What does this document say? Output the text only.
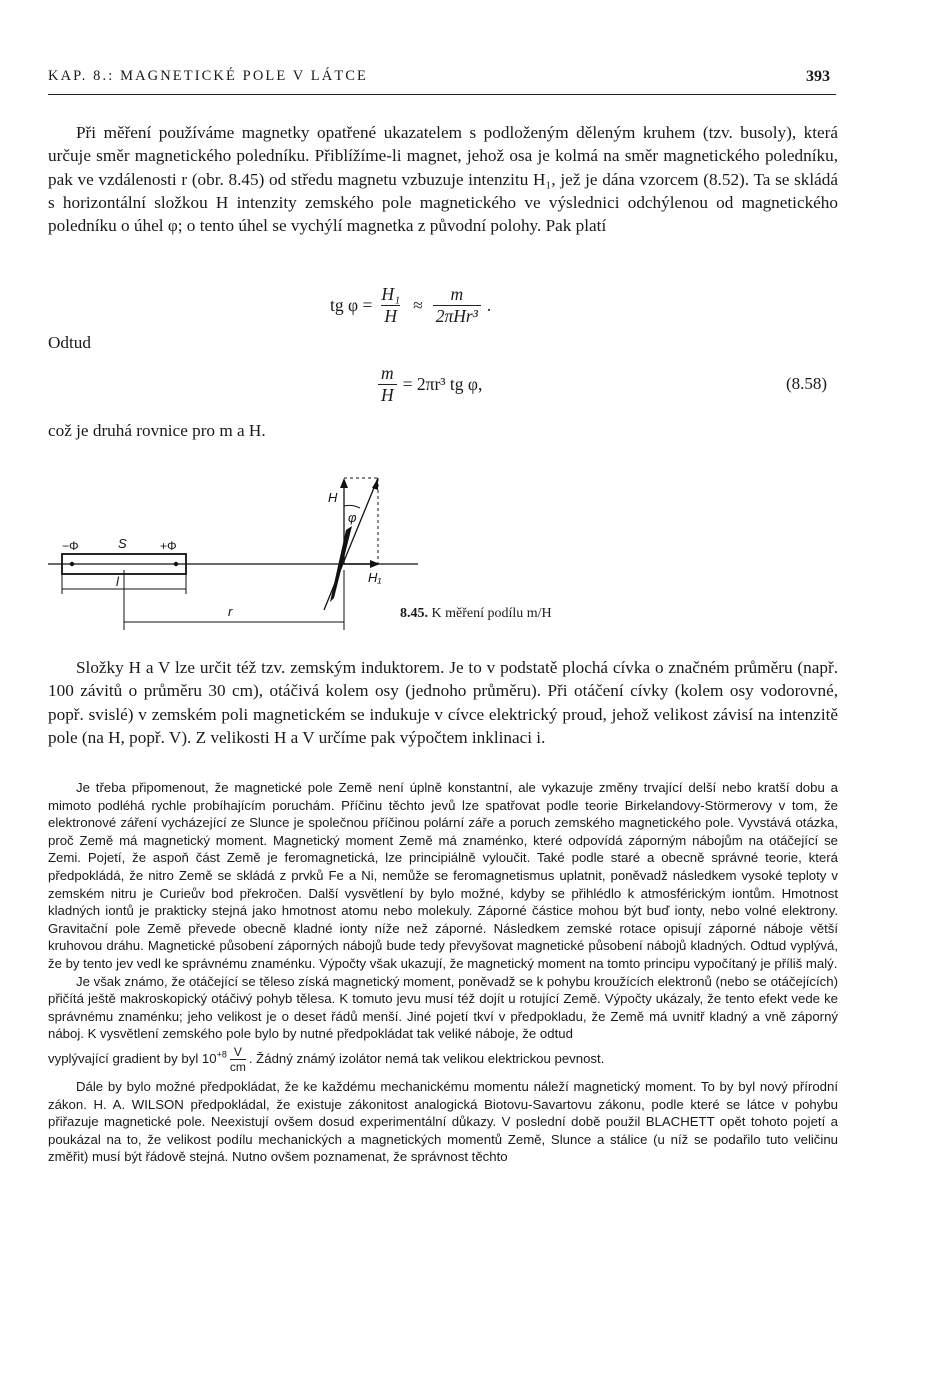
KAP. 8.: MAGNETICKÉ POLE V LÁTCE	393

Při měření používáme magnetky opatřené ukazatelem s podloženým děleným kruhem (tzv. busoly), která určuje směr magnetického poledníku. Přiblížíme-li magnet, jehož osa je kolmá na směr magnetického poledníku, pak ve vzdálenosti r (obr. 8.45) od středu magnetu vzbuzuje intenzitu H₁, jež je dána vzorcem (8.52). Ta se skládá s horizontální složkou H intenzity zemského pole magnetického ve výslednici odchýlenou od magnetického poledníku o úhel φ; o tento úhel se vychýlí magnetka z původní polohy. Pak platí

tg $\varphi = \frac{\text{H₁}}{H} \approx \frac{m}{\text{2πHr³}}$ .
Odtud
$\frac{m}{H} = 2\pi r^3$ tg φ,	(8.58)
což je druhá rovnice pro m a H.
H
φ
−Φ	S	+Φ
l	H₁
r	8.45. K měření podílu m/H

Složky H a V lze určit též tzv. zemským induktorem. Je to v podstatě plochá cívka o značném průměru (např. 100 závitů o průměru 30 cm), otáčivá kolem osy (jednoho průměru). Při otáčení cívky (kolem osy vodorovné, popř. svislé) v zemském poli magnetickém se indukuje v cívce elektrický proud, jehož velikost závisí na intenzitě pole (na H, popř. V). Z velikosti H a V určíme pak výpočtem inklinaci i.

Je třeba připomenout, že magnetické pole Země není úplně konstantní, ale vykazuje změny trvající delší nebo kratší dobu a mimoto podléhá rychle probíhajícím poruchám. Příčinu těchto jevů lze spatřovat podle teorie Birkelandovy-Störmerovy v tom, že elektronové záření vycházející ze Slunce je společnou příčinou polární záře a poruch zemského magnetického pole. Vyvstává otázka, proč Země má magnetický moment. Magnetický moment Země má znaménko, které odpovídá záporným nábojům na otáčející se Zemi. Pojetí, že aspoň část Země je feromagnetická, lze principiálně vyloučit. Také podle staré a obecně správné teorie, která předpokládá, že nitro Země se skládá z prvků Fe a Ni, nemůže se feromagnetismus uplatnit, poněvadž následkem vysoké teploty v zemském nitru je Curieův bod překročen. Další vysvětlení by bylo možné, kdyby se přihlédlo k atmosférickým iontům. Hmotnost kladných iontů je prakticky stejná jako hmotnost atomu nebo molekuly. Záporné částice mohou být buď ionty, nebo volné elektrony. Gravitační pole Země převede obecně kladné ionty níže než záporné. Následkem zemské rotace opisují záporné náboje větší kruhovou dráhu. Magnetické působení záporných nábojů bude tedy převyšovat magnetické působení nábojů kladných. Odtud vyplývá, že by tento jev vedl ke správnému znaménku. Výpočty však ukazují, že magnetický moment na tomto principu vypočítaný je příliš malý.

Je však známo, že otáčející se těleso získá magnetický moment, poněvadž se k pohybu kroužících elektronů (nebo se otáčejících) přičítá ještě makroskopický otáčivý pohyb tělesa. K tomuto jevu musí též dojít u rotující Země. Výpočty ukázaly, že tento efekt vede ke správnému znaménku; jeho velikost je o deset řádů menší. Jiné pojetí tkví v předpokladu, že Země má uvnitř kladný a vně záporný náboj. K vysvětlení zemského pole bylo by nutné předpokládat tak veliké náboje, že odtud

vyplývající gradient by byl $10^{+8} \frac{V}{cm}$ . Žádný známý izolátor nemá tak velikou elektrickou pevnost.

Dále by bylo možné předpokládat, že ke každému mechanickému momentu náleží magnetický moment. To by byl nový přírodní zákon. H. A. WILSON předpokládal, že existuje zákonitost analogická Biotovu-Savartovu zákonu, podle které se látce v pohybu přiřazuje magnetické pole. Neexistují ovšem dosud experimentální důkazy. V poslední době použil BLACHETT opět tohoto pojetí a poukázal na to, že velikost podílu mechanických a magnetických momentů Země, Slunce a stálice (u níž se podařilo tuto veličinu změřit) musí být řádově stejná. Nutno ovšem poznamenat, že správnost těchto
